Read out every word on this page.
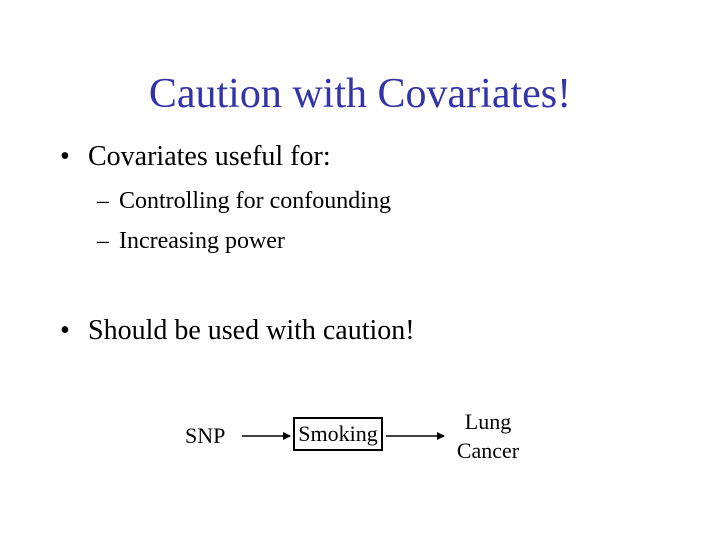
Caution with Covariates!
• Covariates useful for:
– Controlling for confounding
– Increasing power
• Should be used with caution!
SNP	Smoking	Lung
Cancer
